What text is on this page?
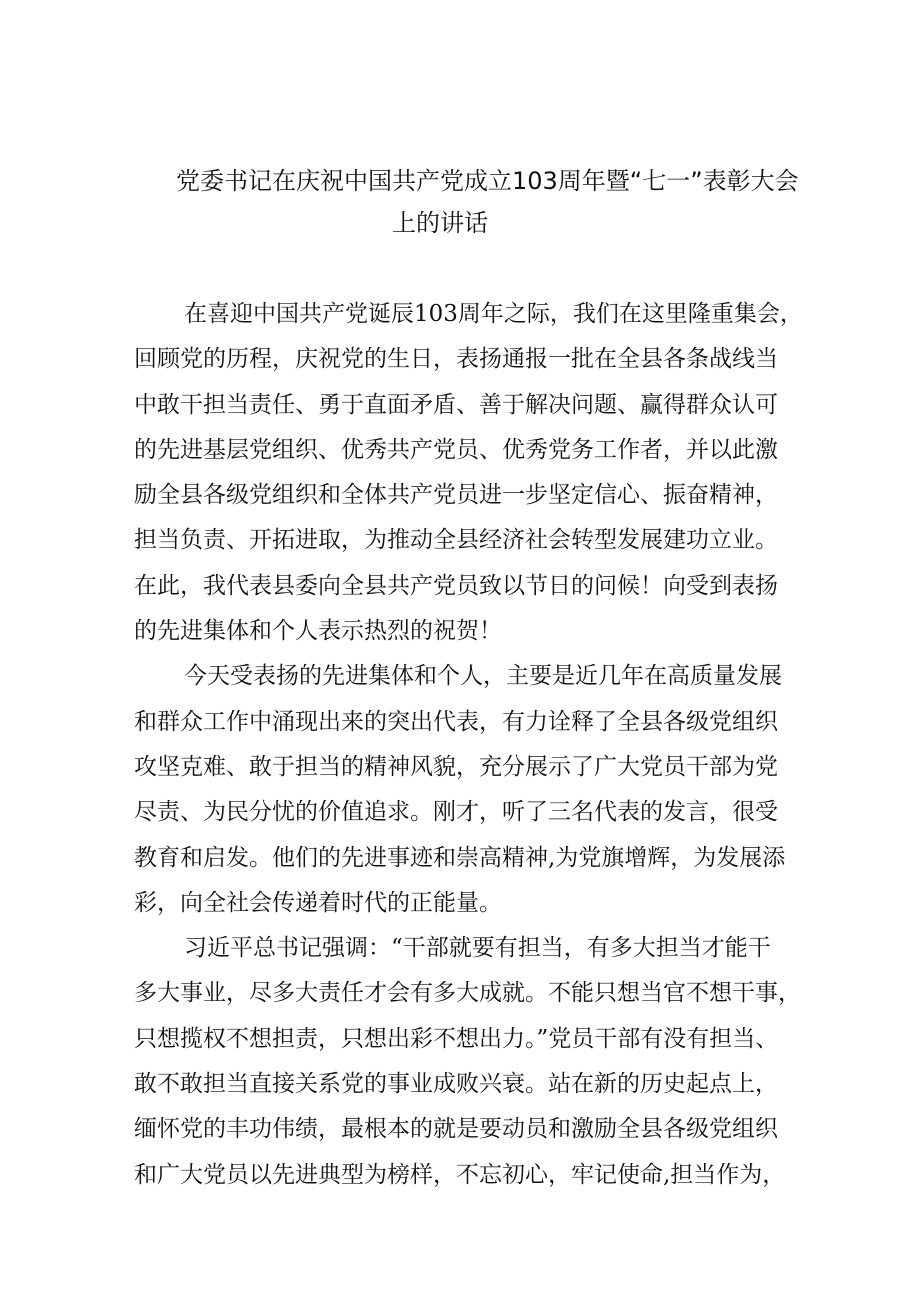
党委书记在庆祝中国共产党成立103周年暨“七一”表彰大会
上的讲话
在喜迎中国共产党诞辰103周年之际，我们在这里隆重集会，
回顾党的历程，庆祝党的生日，表扬通报一批在全县各条战线当
中敢干担当责任、勇于直面矛盾、善于解决问题、赢得群众认可
的先进基层党组织、优秀共产党员、优秀党务工作者，并以此激
励全县各级党组织和全体共产党员进一步坚定信心、振奋精神，
担当负责、开拓进取，为推动全县经济社会转型发展建功立业。
在此，我代表县委向全县共产党员致以节日的问候！向受到表扬
的先进集体和个人表示热烈的祝贺！
今天受表扬的先进集体和个人，主要是近几年在高质量发展
和群众工作中涌现出来的突出代表，有力诠释了全县各级党组织
攻坚克难、敢于担当的精神风貌，充分展示了广大党员干部为党
尽责、为民分忧的价值追求。刚才，听了三名代表的发言，很受
教育和启发。他们的先进事迹和崇高精神,为党旗增辉，为发展添
彩，向全社会传递着时代的正能量。
习近平总书记强调：“干部就要有担当，有多大担当才能干
多大事业，尽多大责任才会有多大成就。不能只想当官不想干事，
只想揽权不想担责，只想出彩不想出力。”党员干部有没有担当、
敢不敢担当直接关系党的事业成败兴衰。站在新的历史起点上，
缅怀党的丰功伟绩，最根本的就是要动员和激励全县各级党组织
和广大党员以先进典型为榜样，不忘初心，牢记使命,担当作为，
